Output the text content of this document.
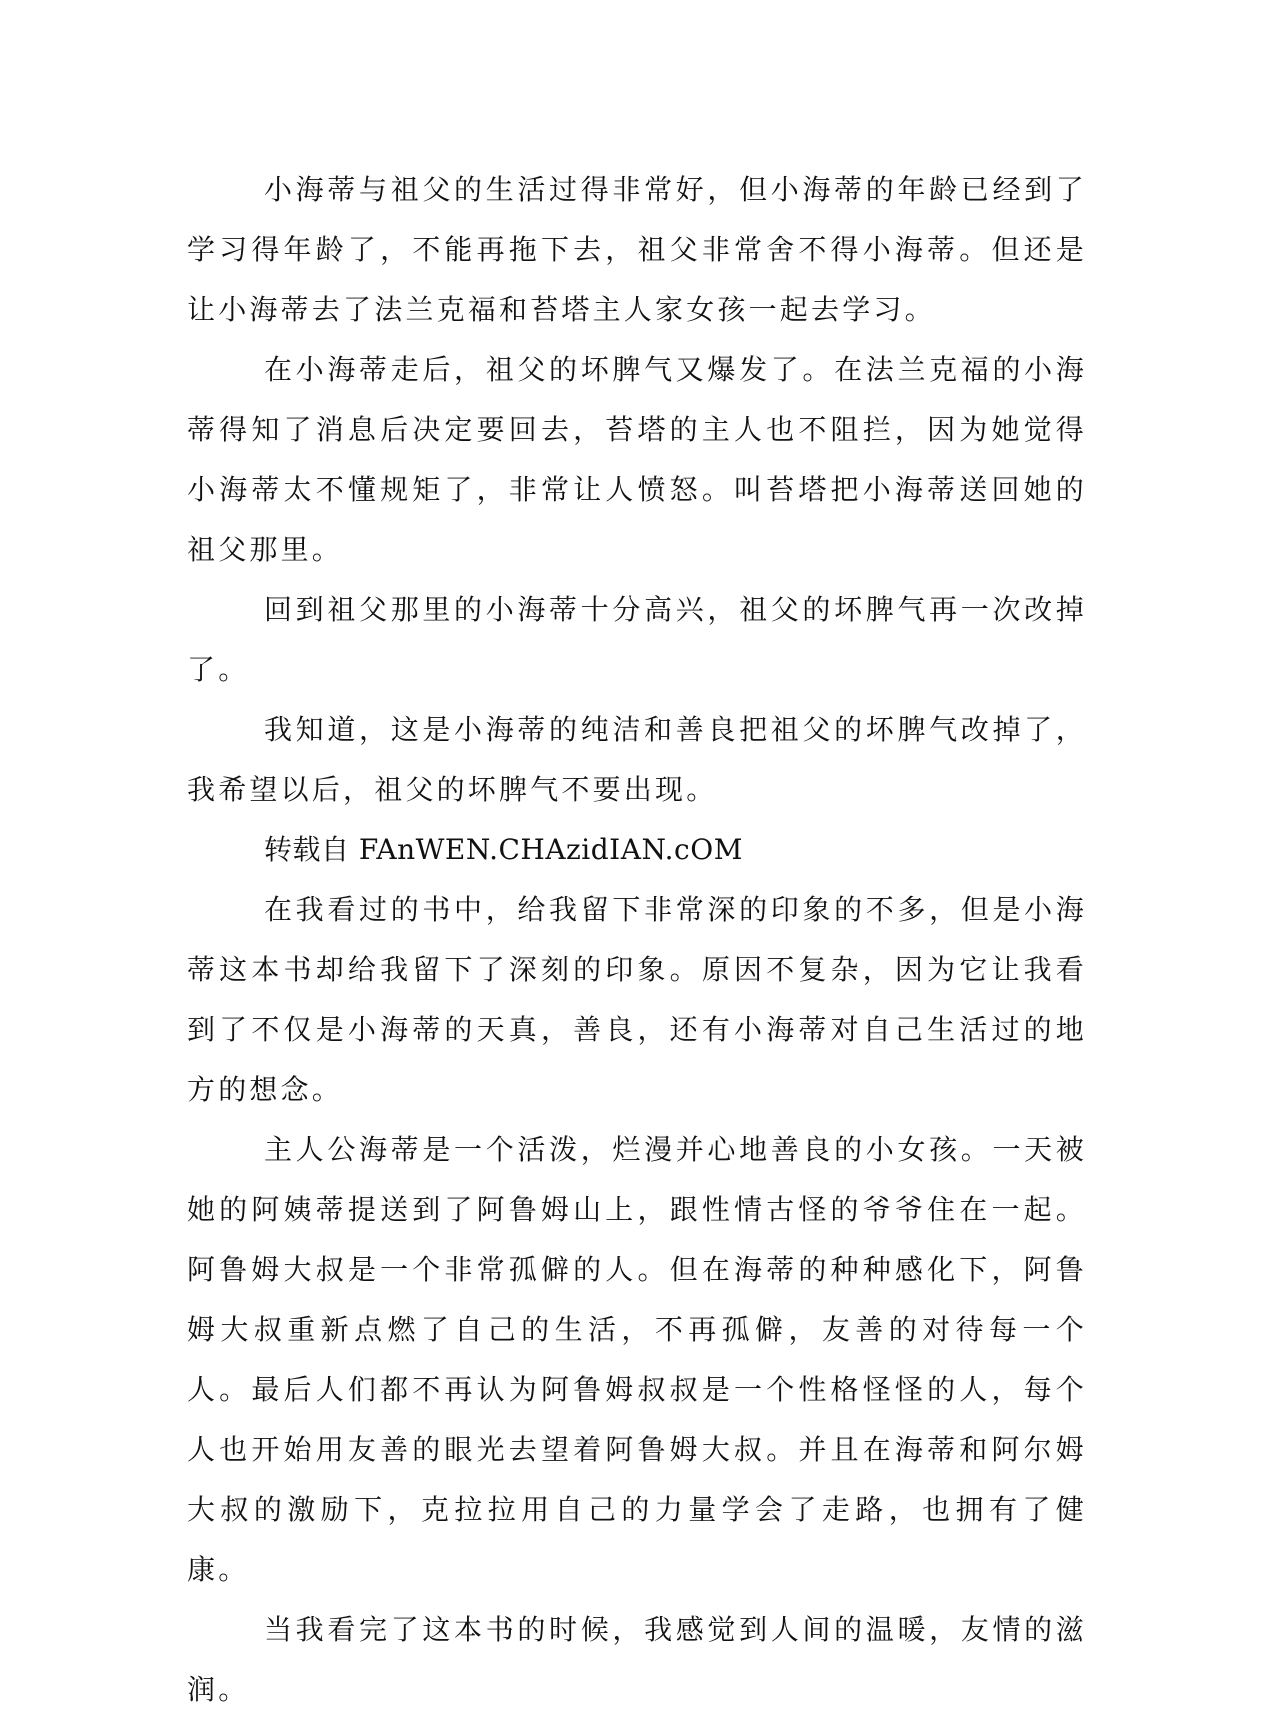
小海蒂与祖父的生活过得非常好，但小海蒂的年龄已经到了学习得年龄了，不能再拖下去，祖父非常舍不得小海蒂。但还是让小海蒂去了法兰克福和苔塔主人家女孩一起去学习。

在小海蒂走后，祖父的坏脾气又爆发了。在法兰克福的小海蒂得知了消息后决定要回去，苔塔的主人也不阻拦，因为她觉得小海蒂太不懂规矩了，非常让人愤怒。叫苔塔把小海蒂送回她的祖父那里。

回到祖父那里的小海蒂十分高兴，祖父的坏脾气再一次改掉了。

我知道，这是小海蒂的纯洁和善良把祖父的坏脾气改掉了，我希望以后，祖父的坏脾气不要出现。

转载自 FAnWEN.CHAzidIAN.cOM

在我看过的书中，给我留下非常深的印象的不多，但是小海蒂这本书却给我留下了深刻的印象。原因不复杂，因为它让我看到了不仅是小海蒂的天真，善良，还有小海蒂对自己生活过的地方的想念。

主人公海蒂是一个活泼，烂漫并心地善良的小女孩。一天被她的阿姨蒂提送到了阿鲁姆山上，跟性情古怪的爷爷住在一起。阿鲁姆大叔是一个非常孤僻的人。但在海蒂的种种感化下，阿鲁姆大叔重新点燃了自己的生活，不再孤僻，友善的对待每一个人。最后人们都不再认为阿鲁姆叔叔是一个性格怪怪的人，每个人也开始用友善的眼光去望着阿鲁姆大叔。并且在海蒂和阿尔姆大叔的激励下，克拉拉用自己的力量学会了走路，也拥有了健康。

当我看完了这本书的时候，我感觉到人间的温暖，友情的滋润。
